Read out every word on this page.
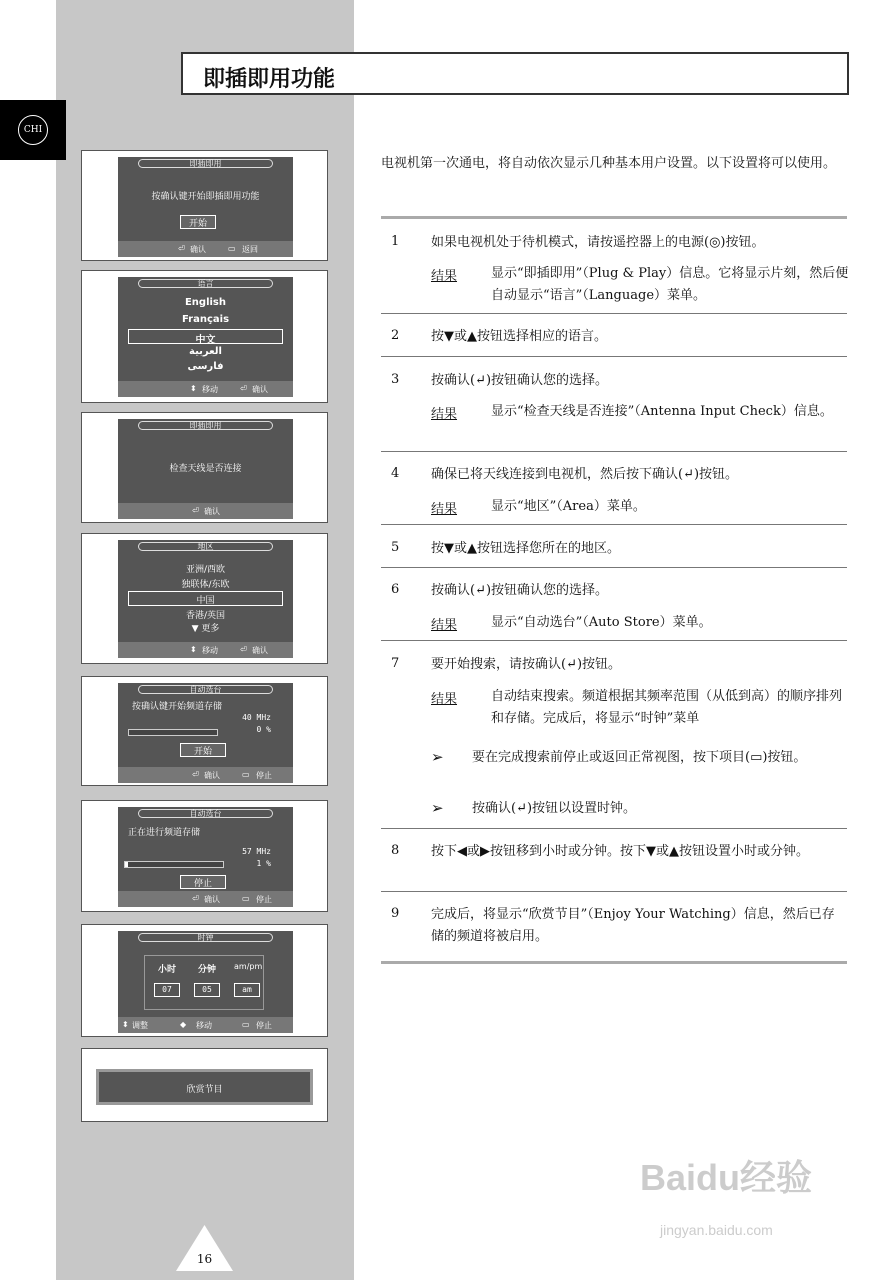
CHI
即插即用功能
即插即用
按确认键开始即插即用功能
开始
⏎ 确认	▭ 返回
语言
English
Français
中文
العربية
فارسی
⬍ 移动	⏎ 确认
即插即用
检查天线是否连接
⏎ 确认
地区
亚洲/西欧
独联体/东欧
中国
香港/英国
▼ 更多
⬍ 移动	⏎ 确认
自动选台
按确认键开始频道存储
40 MHz
0 %
开始
⏎ 确认	▭ 停止
自动选台
正在进行频道存储
57 MHz
1 %
停止
⏎ 确认	▭ 停止
时钟
小时 分钟 am/pm
07	05	am
⬍ 调整	◆ 移动	▭ 停止
欣赏节目
16
电视机第一次通电，将自动依次显示几种基本用户设置。以下设置将可以使用。
1 如果电视机处于待机模式，请按遥控器上的电源(◎)按钮。
结果	显示“即插即用”（Plug & Play）信息。它将显示片刻，然后便自动显示“语言”（Language）菜单。
2 按▼或▲按钮选择相应的语言。
3 按确认(↵)按钮确认您的选择。
结果	显示“检查天线是否连接”（Antenna Input Check）信息。
4 确保已将天线连接到电视机，然后按下确认(↵)按钮。
结果	显示“地区”（Area）菜单。
5 按▼或▲按钮选择您所在的地区。
6 按确认(↵)按钮确认您的选择。
结果	显示“自动选台”（Auto Store）菜单。
7 要开始搜索，请按确认(↵)按钮。
结果	自动结束搜索。频道根据其频率范围（从低到高）的顺序排列和存储。完成后，将显示“时钟”菜单
➢ 要在完成搜索前停止或返回正常视图，按下项目(▭)按钮。
➢ 按确认(↵)按钮以设置时钟。
8 按下◀或▶按钮移到小时或分钟。按下▼或▲按钮设置小时或分钟。
9 完成后，将显示“欣赏节目”（Enjoy Your Watching）信息，然后已存储的频道将被启用。
Baidu经验
jingyan.baidu.com
